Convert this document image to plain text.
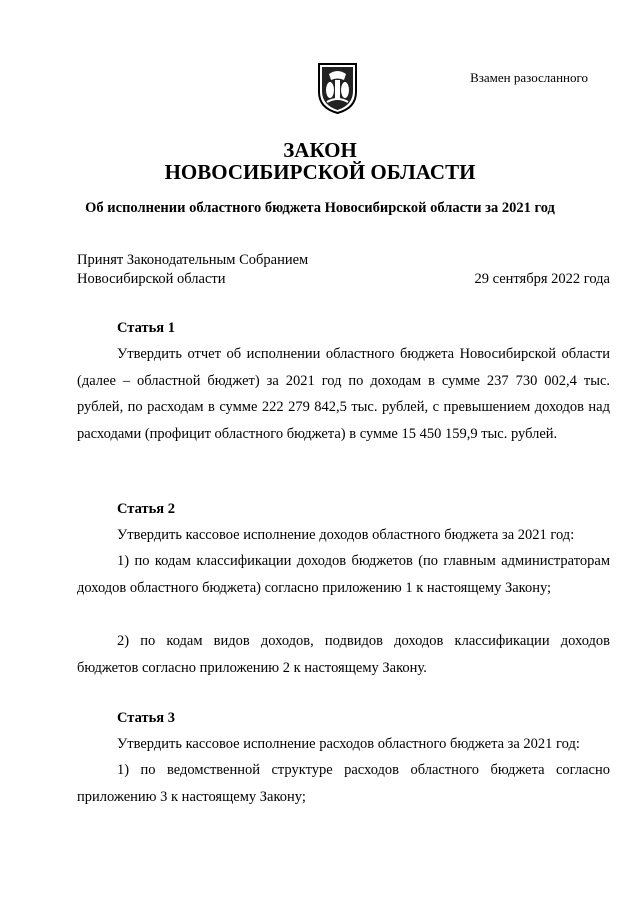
Взамен разосланного
ЗАКОН
НОВОСИБИРСКОЙ ОБЛАСТИ
Об исполнении областного бюджета Новосибирской области за 2021 год
Принят Законодательным Собранием
Новосибирской области	29 сентября 2022 года
Статья 1
Утвердить отчет об исполнении областного бюджета Новосибирской области (далее – областной бюджет) за 2021 год по доходам в сумме 237 730 002,4 тыс. рублей, по расходам в сумме 222 279 842,5 тыс. рублей, с превышением доходов над расходами (профицит областного бюджета) в сумме 15 450 159,9 тыс. рублей.
Статья 2
Утвердить кассовое исполнение доходов областного бюджета за 2021 год:
1) по кодам классификации доходов бюджетов (по главным администраторам доходов областного бюджета) согласно приложению 1 к настоящему Закону;
2) по кодам видов доходов, подвидов доходов классификации доходов бюджетов согласно приложению 2 к настоящему Закону.
Статья 3
Утвердить кассовое исполнение расходов областного бюджета за 2021 год:
1) по ведомственной структуре расходов областного бюджета согласно приложению 3 к настоящему Закону;
